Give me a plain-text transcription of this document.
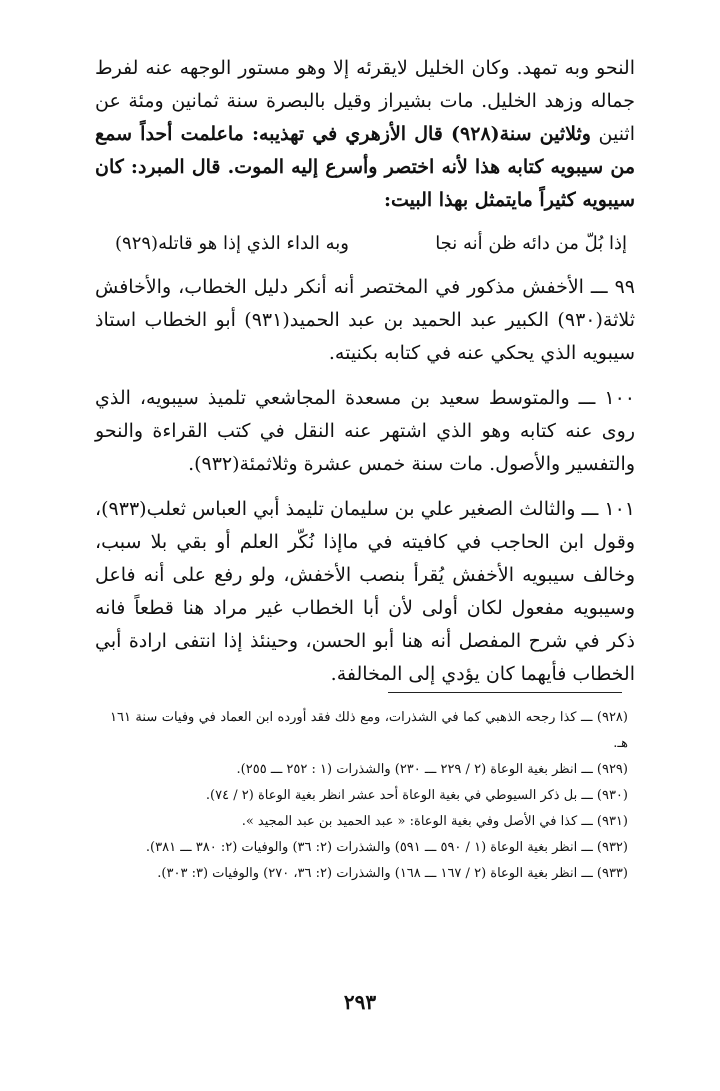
النحو وبه تمهد. وكان الخليل لايقرئه إلا وهو مستور الوجهه عنه لفرط جماله وزهد الخليل. مات بشيراز وقيل بالبصرة سنة ثمانين ومئة عن اثنين وثلاثين سنة(٩٢٨) قال الأزهري في تهذيبه: ماعلمت أحداً سمع من سيبويه كتابه هذا لأنه اختصر وأسرع إليه الموت. قال المبرد: كان سيبويه كثيراً مايتمثل بهذا البيت:

إذا بُلّ من دائه ظن أنه نجا
وبه الداء الذي إذا هو قاتله(٩٢٩)

٩٩ ـــ الأخفش مذكور في المختصر أنه أنكر دليل الخطاب، والأخافش ثلاثة(٩٣٠) الكبير عبد الحميد بن عبد الحميد(٩٣١) أبو الخطاب استاذ سيبويه الذي يحكي عنه في كتابه بكنيته.

١٠٠ ـــ والمتوسط سعيد بن مسعدة المجاشعي تلميذ سيبويه، الذي روى عنه كتابه وهو الذي اشتهر عنه النقل في كتب القراءة والنحو والتفسير والأصول. مات سنة خمس عشرة وثلاثمئة(٩٣٢).

١٠١ ـــ والثالث الصغير علي بن سليمان تليمذ أبي العباس ثعلب(٩٣٣)، وقول ابن الحاجب في كافيته في ماإذا نُكّر العلم أو بقي بلا سبب، وخالف سيبويه الأخفش يُقرأ بنصب الأخفش، ولو رفع على أنه فاعل وسيبويه مفعول لكان أولى لأن أبا الخطاب غير مراد هنا قطعاً فانه ذكر في شرح المفصل أنه هنا أبو الحسن، وحينئذ إذا انتفى ارادة أبي الخطاب فأيهما كان يؤدي إلى المخالفة.

(٩٢٨) ـــ كذا رجحه الذهبي كما في الشذرات، ومع ذلك فقد أورده ابن العماد في وفيات سنة ١٦١ هـ.

(٩٢٩) ـــ انظر بغية الوعاة (٢ / ٢٢٩ ـــ ٢٣٠) والشذرات (١ : ٢٥٢ ـــ ٢٥٥).

(٩٣٠) ـــ بل ذكر السيوطي في بغية الوعاة أحد عشر انظر بغية الوعاة (٢ / ٧٤).

(٩٣١) ـــ كذا في الأصل وفي بغية الوعاة: « عبد الحميد بن عبد المجيد ».

(٩٣٢) ـــ انظر بغية الوعاة (١ / ٥٩٠ ـــ ٥٩١) والشذرات (٢: ٣٦) والوفيات (٢: ٣٨٠ ـــ ٣٨١).

(٩٣٣) ـــ انظر بغية الوعاة (٢ / ١٦٧ ـــ ١٦٨) والشذرات (٢: ٣٦، ٢٧٠) والوفيات (٣: ٣٠٣).

٢٩٣
